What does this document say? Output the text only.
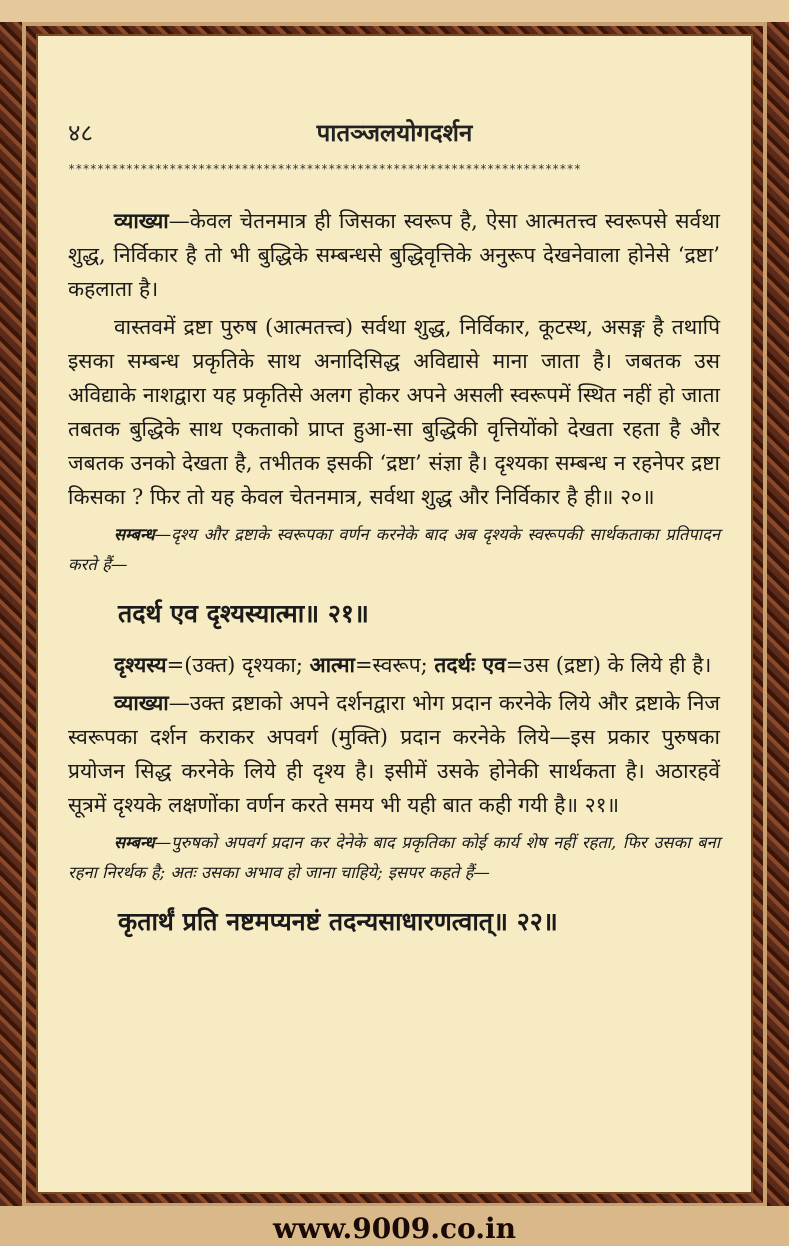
४८	पातञ्जलयोगदर्शन
***********************************************************************

व्याख्या—केवल चेतनमात्र ही जिसका स्वरूप है, ऐसा आत्मतत्त्व स्वरूपसे सर्वथा शुद्ध, निर्विकार है तो भी बुद्धिके सम्बन्धसे बुद्धिवृत्तिके अनुरूप देखनेवाला होनेसे ‘द्रष्टा’ कहलाता है।

वास्तवमें द्रष्टा पुरुष (आत्मतत्त्व) सर्वथा शुद्ध, निर्विकार, कूटस्थ, असङ्ग है तथापि इसका सम्बन्ध प्रकृतिके साथ अनादिसिद्ध अविद्यासे माना जाता है। जबतक उस अविद्याके नाशद्वारा यह प्रकृतिसे अलग होकर अपने असली स्वरूपमें स्थित नहीं हो जाता तबतक बुद्धिके साथ एकताको प्राप्त हुआ-सा बुद्धिकी वृत्तियोंको देखता रहता है और जबतक उनको देखता है, तभीतक इसकी ‘द्रष्टा’ संज्ञा है। दृश्यका सम्बन्ध न रहनेपर द्रष्टा किसका ? फिर तो यह केवल चेतनमात्र, सर्वथा शुद्ध और निर्विकार है ही॥ २०॥

सम्बन्ध—दृश्य और द्रष्टाके स्वरूपका वर्णन करनेके बाद अब दृश्यके स्वरूपकी सार्थकताका प्रतिपादन करते हैं—

तदर्थ एव दृश्यस्यात्मा॥ २१॥

दृश्यस्य=(उक्त) दृश्यका; आत्मा=स्वरूप; तदर्थः एव=उस (द्रष्टा) के लिये ही है।

व्याख्या—उक्त द्रष्टाको अपने दर्शनद्वारा भोग प्रदान करनेके लिये और द्रष्टाके निज स्वरूपका दर्शन कराकर अपवर्ग (मुक्ति) प्रदान करनेके लिये—इस प्रकार पुरुषका प्रयोजन सिद्ध करनेके लिये ही दृश्य है। इसीमें उसके होनेकी सार्थकता है। अठारहवें सूत्रमें दृश्यके लक्षणोंका वर्णन करते समय भी यही बात कही गयी है॥ २१॥

सम्बन्ध—पुरुषको अपवर्ग प्रदान कर देनेके बाद प्रकृतिका कोई कार्य शेष नहीं रहता, फिर उसका बना रहना निरर्थक है; अतः उसका अभाव हो जाना चाहिये; इसपर कहते हैं—

कृतार्थं प्रति नष्टमप्यनष्टं तदन्यसाधारणत्वात्॥ २२॥
www.9009.co.in
